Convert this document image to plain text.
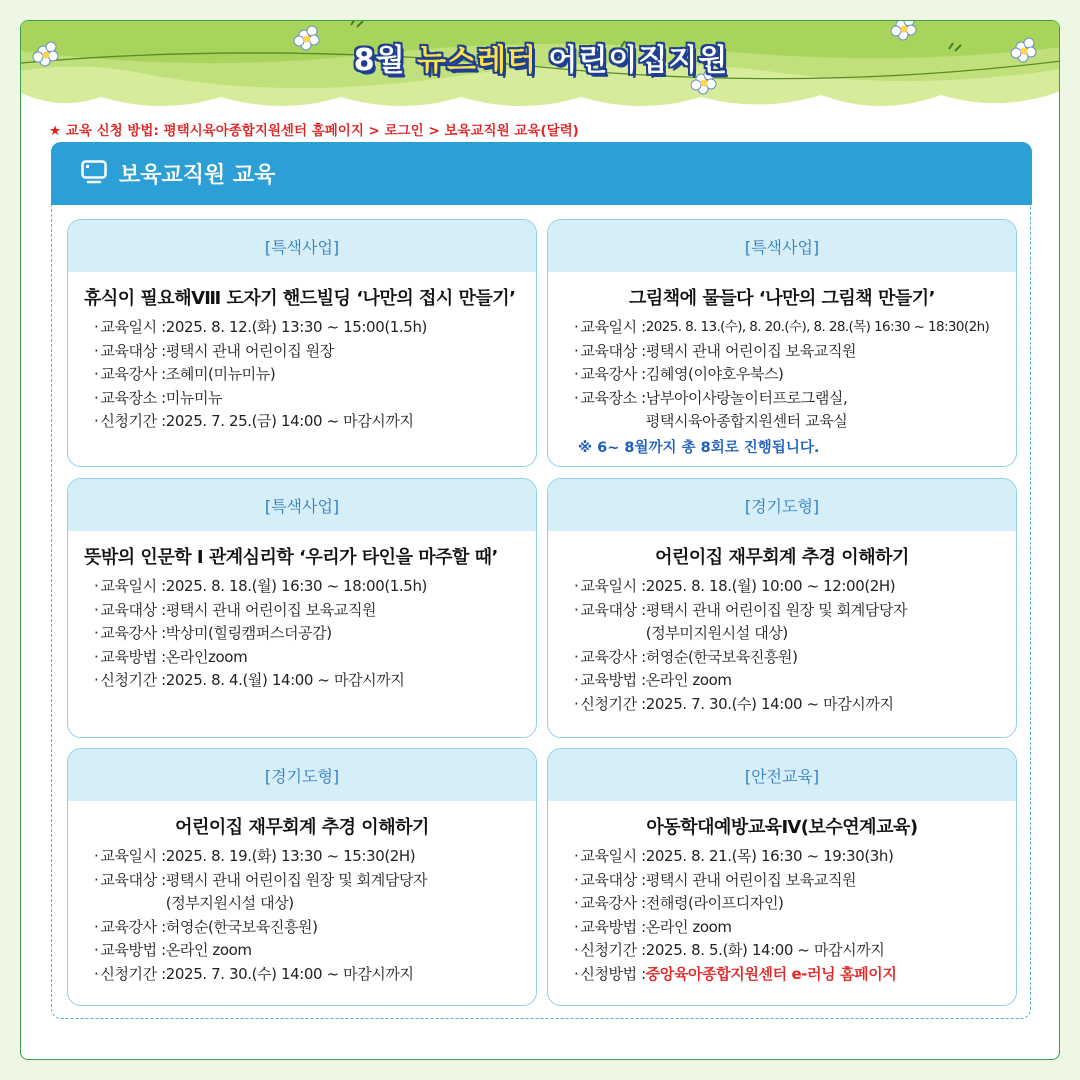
8월 뉴스레터 어린이집지원
★ 교육 신청 방법: 평택시육아종합지원센터 홈페이지 > 로그인 > 보육교직원 교육(달력)
보육교직원 교육
[특색사업]
휴식이 필요해Ⅷ 도자기 핸드빌딩 ‘나만의 접시 만들기’
· 교육일시 : 2025. 8. 12.(화) 13:30 ~ 15:00(1.5h)
· 교육대상 : 평택시 관내 어린이집 원장
· 교육강사 : 조혜미(미뉴미뉴)
· 교육장소 : 미뉴미뉴
· 신청기간 : 2025. 7. 25.(금) 14:00 ~ 마감시까지
[특색사업]
그림책에 물들다 ‘나만의 그림책 만들기’
· 교육일시 : 2025. 8. 13.(수), 8. 20.(수), 8. 28.(목) 16:30 ~ 18:30(2h)
· 교육대상 : 평택시 관내 어린이집 보육교직원
· 교육강사 : 김혜영(이야호우북스)
· 교육장소 : 남부아이사랑놀이터프로그램실,
평택시육아종합지원센터 교육실
※ 6~ 8월까지 총 8회로 진행됩니다.
[특색사업]
뜻밖의 인문학 Ⅰ 관계심리학 ‘우리가 타인을 마주할 때’
· 교육일시 : 2025. 8. 18.(월) 16:30 ~ 18:00(1.5h)
· 교육대상 : 평택시 관내 어린이집 보육교직원
· 교육강사 : 박상미(힐링캠퍼스더공감)
· 교육방법 : 온라인zoom
· 신청기간 : 2025. 8. 4.(월) 14:00 ~ 마감시까지
[경기도형]
어린이집 재무회계 추경 이해하기
· 교육일시 : 2025. 8. 18.(월) 10:00 ~ 12:00(2H)
· 교육대상 : 평택시 관내 어린이집 원장 및 회계담당자
(정부미지원시설 대상)
· 교육강사 : 허영순(한국보육진흥원)
· 교육방법 : 온라인 zoom
· 신청기간 : 2025. 7. 30.(수) 14:00 ~ 마감시까지
[경기도형]
어린이집 재무회계 추경 이해하기
· 교육일시 : 2025. 8. 19.(화) 13:30 ~ 15:30(2H)
· 교육대상 : 평택시 관내 어린이집 원장 및 회계담당자
(정부지원시설 대상)
· 교육강사 : 허영순(한국보육진흥원)
· 교육방법 : 온라인 zoom
· 신청기간 : 2025. 7. 30.(수) 14:00 ~ 마감시까지
[안전교육]
아동학대예방교육Ⅳ(보수연계교육)
· 교육일시 : 2025. 8. 21.(목) 16:30 ~ 19:30(3h)
· 교육대상 : 평택시 관내 어린이집 보육교직원
· 교육강사 : 전해령(라이프디자인)
· 교육방법 : 온라인 zoom
· 신청기간 : 2025. 8. 5.(화) 14:00 ~ 마감시까지
· 신청방법 : 중앙육아종합지원센터 e-러닝 홈페이지
